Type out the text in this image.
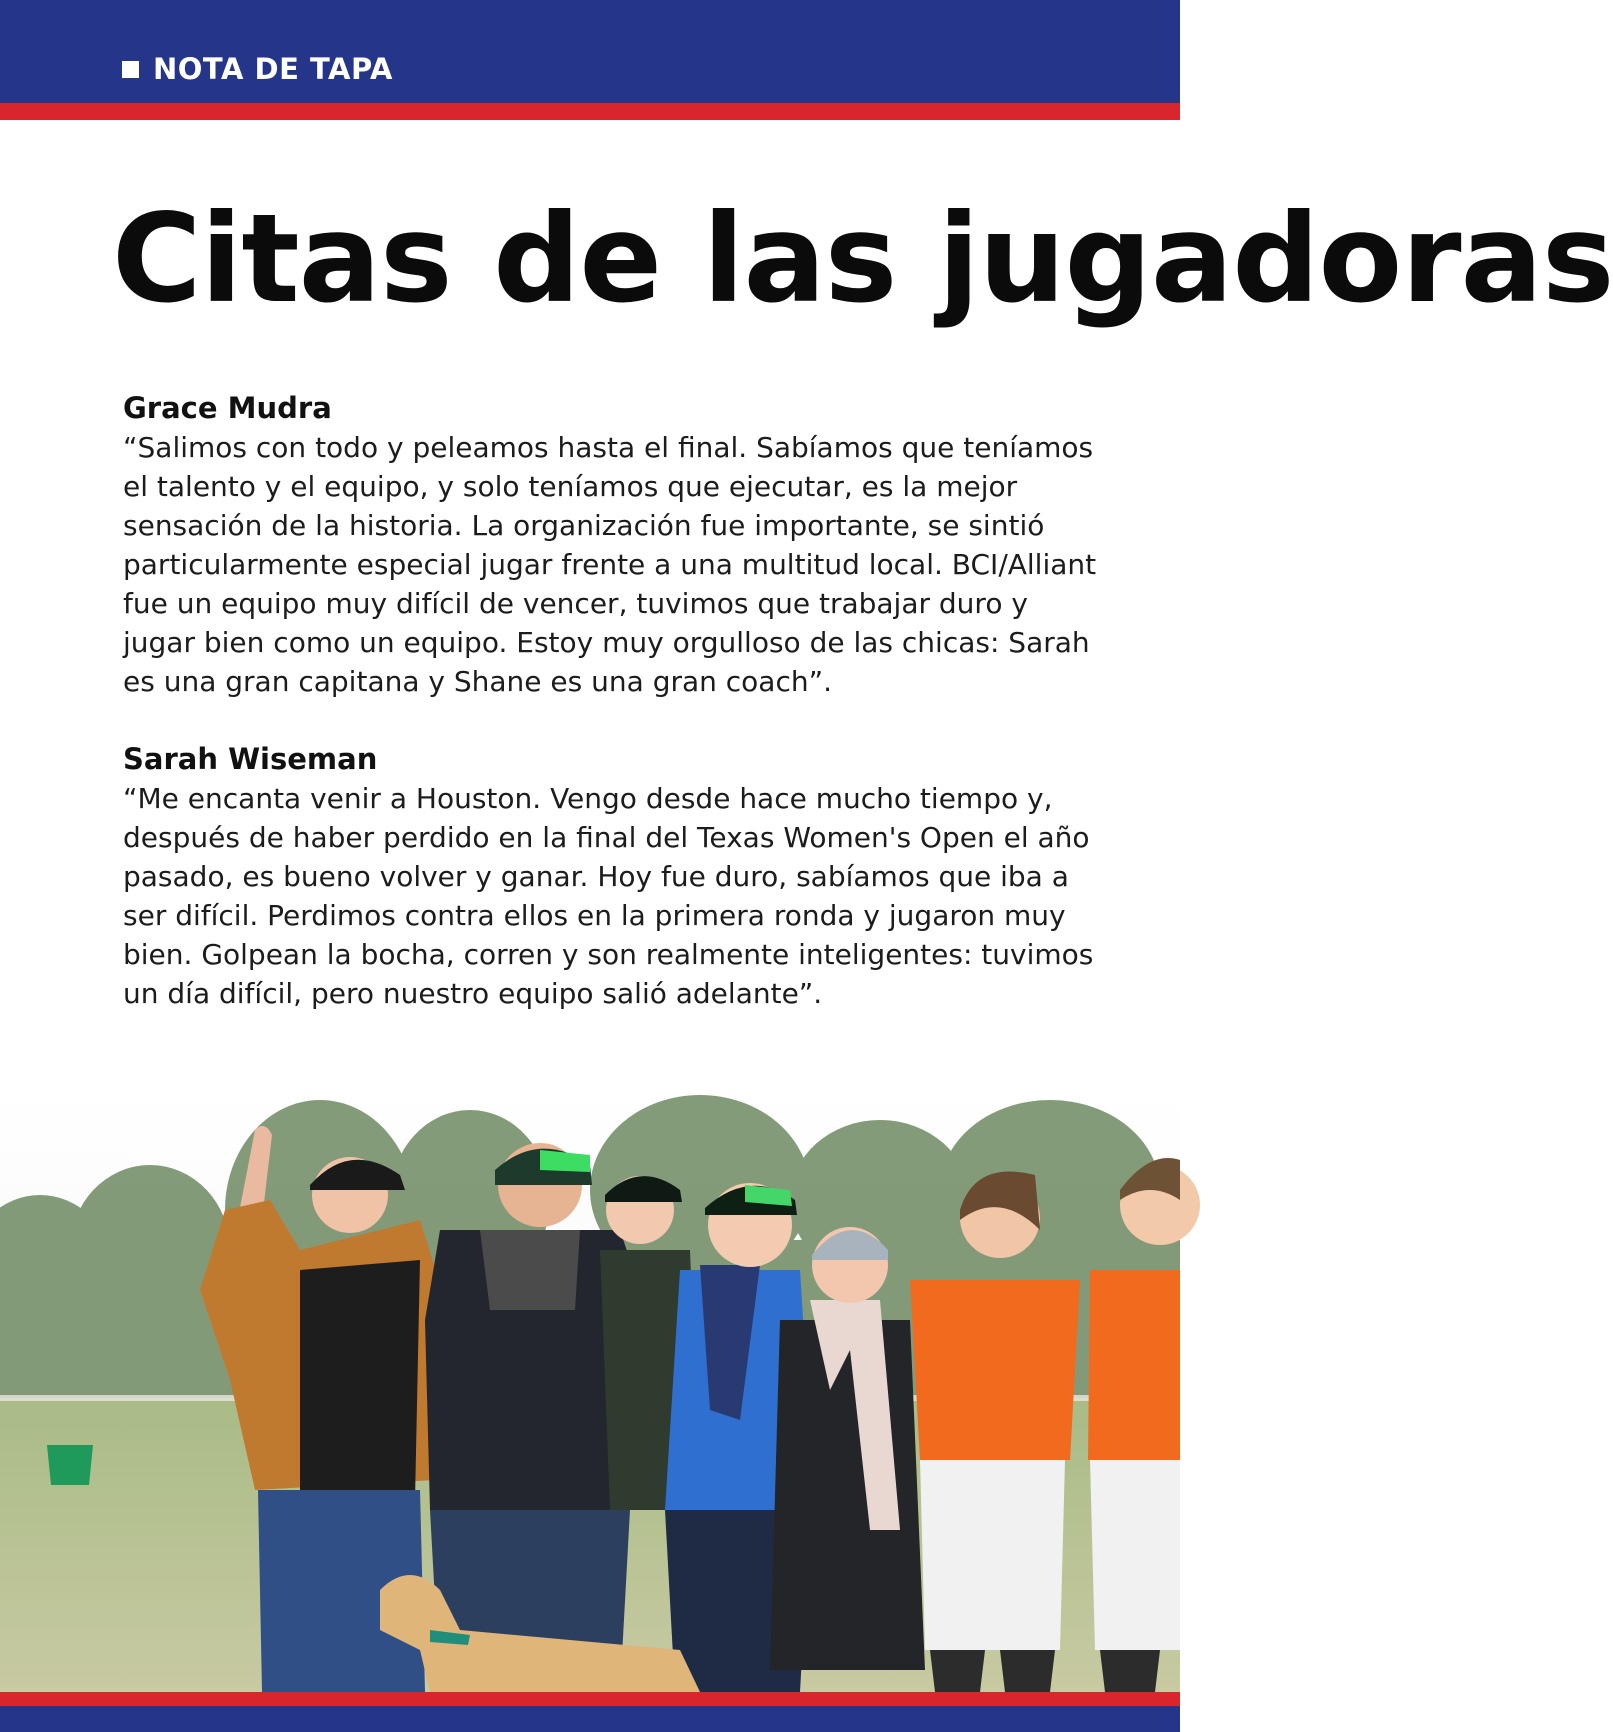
NOTA DE TAPA
Citas de las jugadoras
Grace Mudra

“Salimos con todo y peleamos hasta el final. Sabíamos que teníamos el talento y el equipo, y solo teníamos que ejecutar, es la mejor sensación de la historia. La organización fue importante, se sintió particularmente especial jugar frente a una multitud local. BCI/Alliant fue un equipo muy difícil de vencer, tuvimos que trabajar duro y jugar bien como un equipo. Estoy muy orgulloso de las chicas: Sarah es una gran capitana y Shane es una gran coach”.

Sarah Wiseman

“Me encanta venir a Houston. Vengo desde hace mucho tiempo y, después de haber perdido en la final del Texas Women's Open el año pasado, es bueno volver y ganar. Hoy fue duro, sabíamos que iba a ser difícil. Perdimos contra ellos en la primera ronda y jugaron muy bien. Golpean la bocha, corren y son realmente inteligentes: tuvimos un día difícil, pero nuestro equipo salió adelante”.
